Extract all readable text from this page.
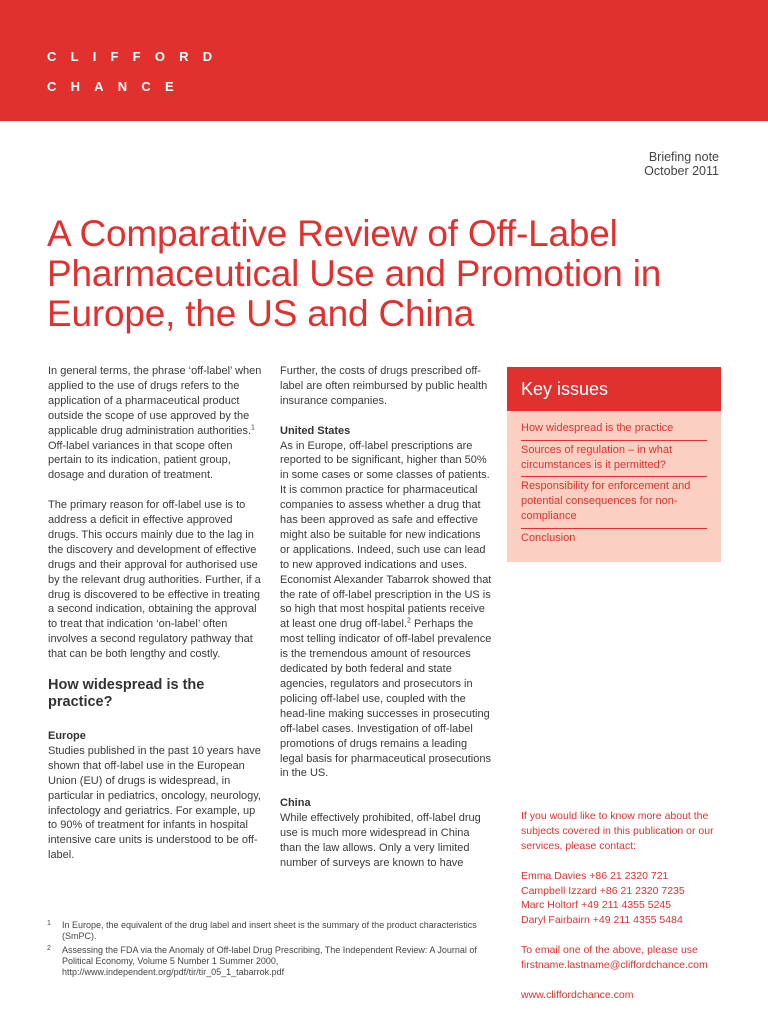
CLIFFORD
CHANCE
Briefing note
October 2011
A Comparative Review of Off-Label Pharmaceutical Use and Promotion in Europe, the US and China

In general terms, the phrase ‘off-label’ when applied to the use of drugs refers to the application of a pharmaceutical product outside the scope of use approved by the applicable drug administration authorities.$^1$ Off-label variances in that scope often pertain to its indication, patient group, dosage and duration of treatment.

The primary reason for off-label use is to address a deficit in effective approved drugs. This occurs mainly due to the lag in the discovery and development of effective drugs and their approval for authorised use by the relevant drug authorities. Further, if a drug is discovered to be effective in treating a second indication, obtaining the approval to treat that indication ‘on-label’ often involves a second regulatory pathway that that can be both lengthy and costly.

How widespread is the practice?
Europe

Studies published in the past 10 years have shown that off-label use in the European Union (EU) of drugs is widespread, in particular in pediatrics, oncology, neurology, infectology and geriatrics. For example, up to 90% of treatment for infants in hospital intensive care units is understood to be off-label.

Further, the costs of drugs prescribed off-label are often reimbursed by public health insurance companies.

United States

As in Europe, off-label prescriptions are reported to be significant, higher than 50% in some cases or some classes of patients. It is common practice for pharmaceutical companies to assess whether a drug that has been approved as safe and effective might also be suitable for new indications or applications. Indeed, such use can lead to new approved indications and uses. Economist Alexander Tabarrok showed that the rate of off-label prescription in the US is so high that most hospital patients receive at least one drug off-label.$^2$ Perhaps the most telling indicator of off-label prevalence is the tremendous amount of resources dedicated by both federal and state agencies, regulators and prosecutors in policing off-label use, coupled with the head-line making successes in prosecuting off-label cases. Investigation of off-label promotions of drugs remains a leading legal basis for pharmaceutical prosecutions in the US.

China

While effectively prohibited, off-label drug use is much more widespread in China than the law allows. Only a very limited number of surveys are known to have

Key issues
How widespread is the practice
Sources of regulation – in what circumstances is it permitted?
Responsibility for enforcement and potential consequences for non-compliance
Conclusion

If you would like to know more about the subjects covered in this publication or our services, please contact:

Emma Davies +86 21 2320 721
Campbell Izzard +86 21 2320 7235
Marc Holtorf +49 211 4355 5245
Daryl Fairbairn +49 211 4355 5484

To email one of the above, please use firstname.lastname@cliffordchance.com

www.cliffordchance.com

1 In Europe, the equivalent of the drug label and insert sheet is the summary of the product characteristics (SmPC).
2 Assessing the FDA via the Anomaly of Off-label Drug Prescribing, The Independent Review: A Journal of Political Economy, Volume 5 Number 1 Summer 2000, http://www.independent.org/pdf/tir/tir_05_1_tabarrok.pdf
